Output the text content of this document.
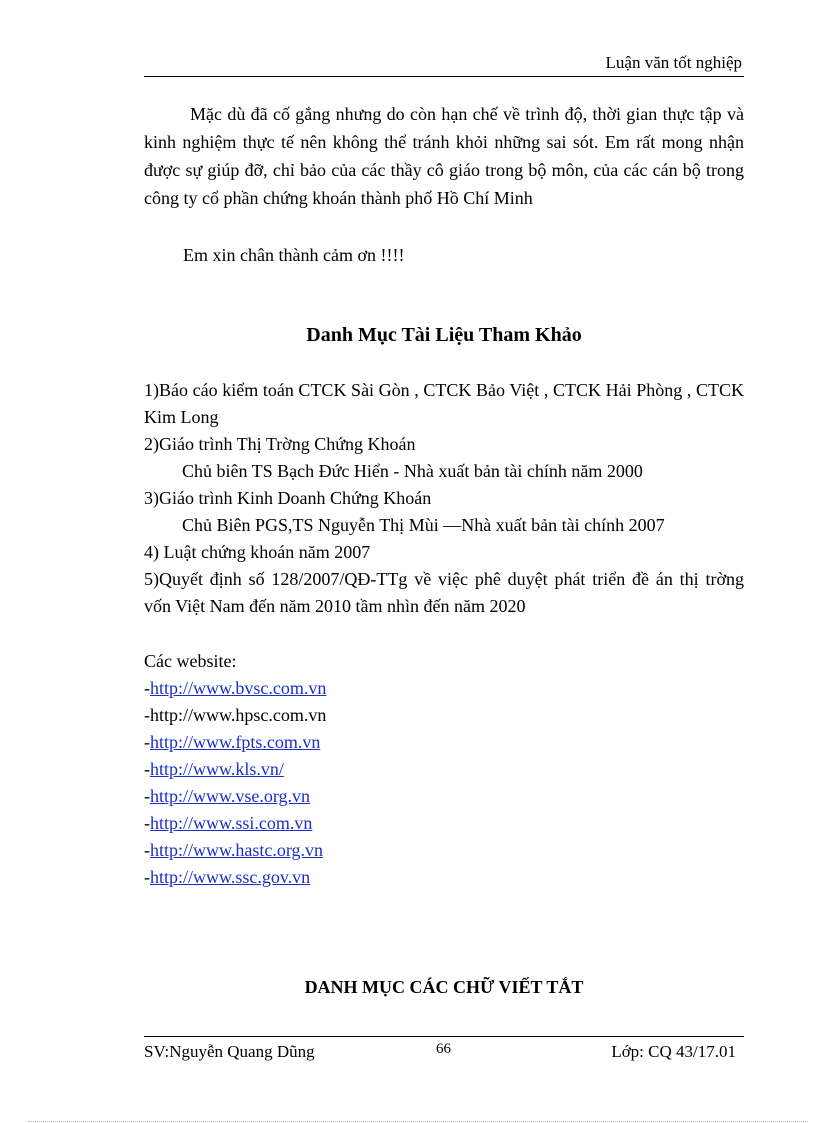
Luận văn tốt nghiệp
Mặc dù đã cố gắng nhưng do còn hạn chế về trình độ, thời gian thực tập và kinh nghiệm thực tế nên không thể tránh khỏi những sai sót. Em rất mong nhận được sự giúp đỡ, chỉ bảo của các thầy cô giáo trong bộ môn, của các cán bộ trong công ty cổ phần chứng khoán thành phố Hồ Chí Minh
Em xin chân thành cảm ơn !!!!
Danh Mục Tài Liệu Tham Khảo
1)Báo cáo kiểm toán CTCK Sài Gòn , CTCK Bảo Việt , CTCK Hải Phòng , CTCK Kim Long
2)Giáo trình Thị Trờng Chứng Khoán
Chủ biên TS Bạch Đức Hiển - Nhà xuất bản tài chính năm 2000
3)Giáo trình Kinh Doanh Chứng Khoán
Chủ Biên PGS,TS Nguyễn Thị Mùi —Nhà xuất bản tài chính 2007
4) Luật chứng khoán năm 2007
5)Quyết định số 128/2007/QĐ-TTg về việc phê duyệt phát triển đề án thị trờng vốn Việt Nam đến năm 2010 tầm nhìn đến năm 2020
Các website:
-http://www.bvsc.com.vn
-http://www.hpsc.com.vn
-http://www.fpts.com.vn
-http://www.kls.vn/
-http://www.vse.org.vn
-http://www.ssi.com.vn
-http://www.hastc.org.vn
-http://www.ssc.gov.vn
DANH MỤC CÁC CHỮ VIẾT TẮT
SV:Nguyễn Quang Dũng	66	Lớp: CQ 43/17.01
